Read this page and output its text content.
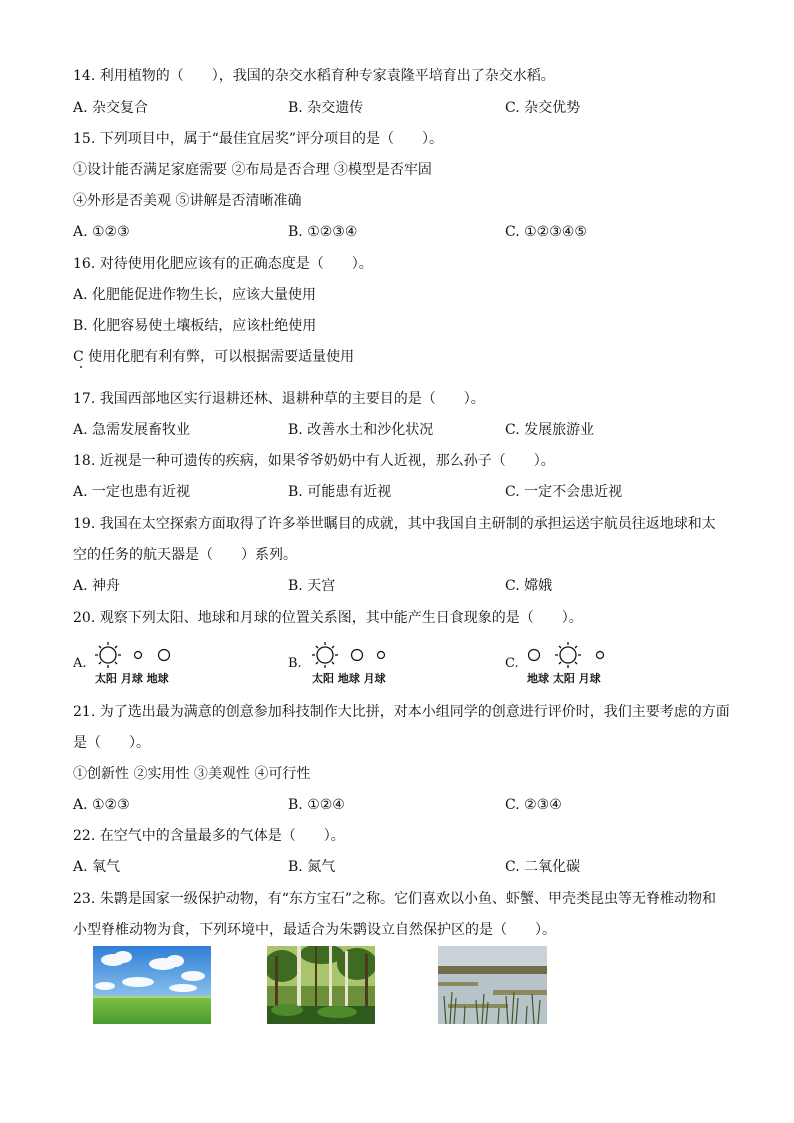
14. 利用植物的（　　），我国的杂交水稻育种专家袁隆平培育出了杂交水稻。
A. 杂交复合	B. 杂交遗传	C. 杂交优势
15. 下列项目中，属于“最佳宜居奖”评分项目的是（　　）。
①设计能否满足家庭需要 ②布局是否合理 ③模型是否牢固
④外形是否美观 ⑤讲解是否清晰准确
A. ①②③	B. ①②③④	C. ①②③④⑤
16. 对待使用化肥应该有的正确态度是（　　）。
A. 化肥能促进作物生长，应该大量使用
B. 化肥容易使土壤板结，应该杜绝使用
C 使用化肥有利有弊，可以根据需要适量使用
17. 我国西部地区实行退耕还林、退耕种草的主要目的是（　　）。
A. 急需发展畜牧业	B. 改善水土和沙化状况	C. 发展旅游业
18. 近视是一种可遗传的疾病，如果爷爷奶奶中有人近视，那么孙子（　　）。
A. 一定也患有近视	B. 可能患有近视	C. 一定不会患近视
19. 我国在太空探索方面取得了许多举世瞩目的成就，其中我国自主研制的承担运送宇航员往返地球和太
空的任务的航天器是（　　）系列。
A. 神舟	B. 天宫	C. 嫦娥
20. 观察下列太阳、地球和月球的位置关系图，其中能产生日食现象的是（　　）。
A.
太阳 月球 地球
B.
太阳 地球 月球
C.
地球 太阳 月球
21. 为了选出最为满意的创意参加科技制作大比拼，对本小组同学的创意进行评价时，我们主要考虑的方面
是（　　）。
①创新性 ②实用性 ③美观性 ④可行性
A. ①②③	B. ①②④	C. ②③④
22. 在空气中的含量最多的气体是（　　）。
A. 氧气	B. 氮气	C. 二氧化碳
23. 朱鹮是国家一级保护动物，有“东方宝石”之称。它们喜欢以小鱼、虾蟹、甲壳类昆虫等无脊椎动物和
小型脊椎动物为食，下列环境中，最适合为朱鹮设立自然保护区的是（　　）。
